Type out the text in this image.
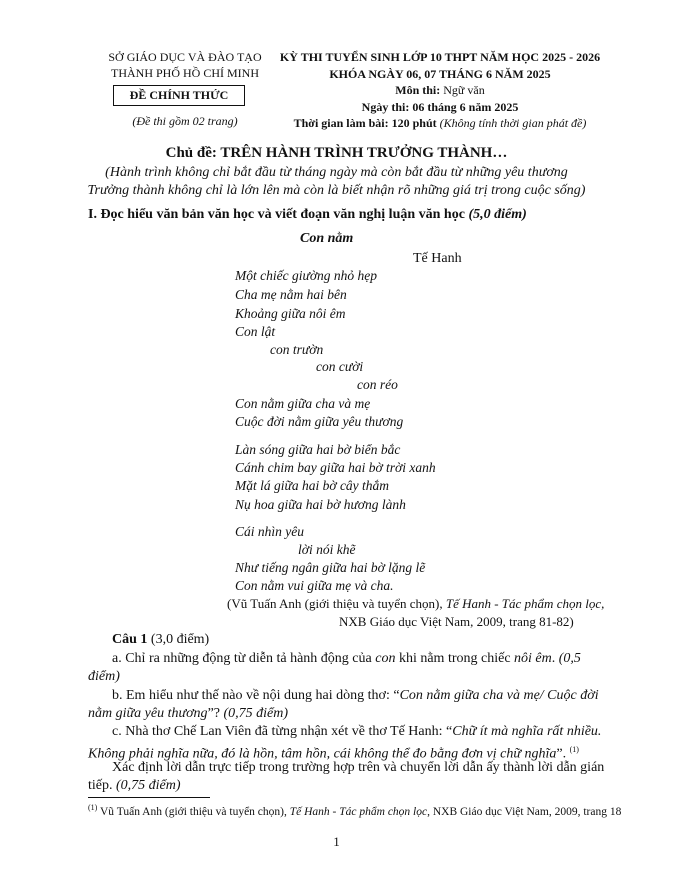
SỞ GIÁO DỤC VÀ ĐÀO TẠO
THÀNH PHỐ HỒ CHÍ MINH
ĐỀ CHÍNH THỨC
(Đề thi gồm 02 trang)
KỲ THI TUYỂN SINH LỚP 10 THPT NĂM HỌC 2025 - 2026
KHÓA NGÀY 06, 07 THÁNG 6 NĂM 2025
Môn thi: Ngữ văn
Ngày thi: 06 tháng 6 năm 2025
Thời gian làm bài: 120 phút (Không tính thời gian phát đề)
Chủ đề: TRÊN HÀNH TRÌNH TRƯỞNG THÀNH…
(Hành trình không chỉ bắt đầu từ tháng ngày mà còn bắt đầu từ những yêu thương
Trưởng thành không chỉ là lớn lên mà còn là biết nhận rõ những giá trị trong cuộc sống)
I. Đọc hiểu văn bản văn học và viết đoạn văn nghị luận văn học (5,0 điểm)
Con nằm
Tế Hanh
Một chiếc giường nhỏ hẹp
Cha mẹ nằm hai bên
Khoảng giữa nôi êm
Con lật
con trườn
con cười
con réo
Con nằm giữa cha và mẹ
Cuộc đời nằm giữa yêu thương
Làn sóng giữa hai bờ biển bắc
Cánh chim bay giữa hai bờ trời xanh
Mặt lá giữa hai bờ cây thắm
Nụ hoa giữa hai bờ hương lành
Cái nhìn yêu
lời nói khẽ
Như tiếng ngân giữa hai bờ lặng lẽ
Con nằm vui giữa mẹ và cha.
(Vũ Tuấn Anh (giới thiệu và tuyển chọn), Tế Hanh - Tác phẩm chọn lọc,
NXB Giáo dục Việt Nam, 2009, trang 81-82)
Câu 1 (3,0 điểm)
a. Chỉ ra những động từ diễn tả hành động của con khi nằm trong chiếc nôi êm. (0,5
điểm)
b. Em hiểu như thế nào về nội dung hai dòng thơ: “Con nằm giữa cha và mẹ/ Cuộc đời
nằm giữa yêu thương”? (0,75 điểm)
c. Nhà thơ Chế Lan Viên đã từng nhận xét về thơ Tế Hanh: “Chữ ít mà nghĩa rất nhiều.
Không phải nghĩa nữa, đó là hồn, tâm hồn, cái không thể đo bằng đơn vị chữ nghĩa”. $^{(1)}$
Xác định lời dẫn trực tiếp trong trường hợp trên và chuyển lời dẫn ấy thành lời dẫn gián
tiếp. (0,75 điểm)
$^{(1)}$ Vũ Tuấn Anh (giới thiệu và tuyển chọn), Tế Hanh - Tác phẩm chọn lọc, NXB Giáo dục Việt Nam, 2009, trang 18
1
